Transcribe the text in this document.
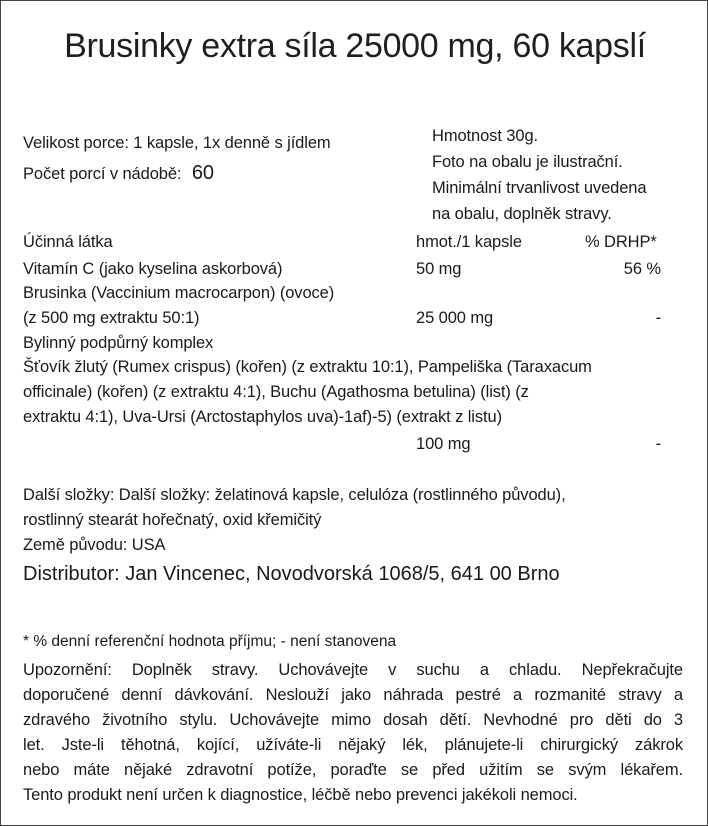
Brusinky extra síla 25000 mg, 60 kapslí
Velikost porce: 1 kapsle, 1x denně s jídlem
Počet porcí v nádobě: 60
Hmotnost 30g.
Foto na obalu je ilustrační.
Minimální trvanlivost uvedena
na obalu, doplněk stravy.
Účinná látka	hmot./1 kapsle	% DRHP*
Vitamín C (jako kyselina askorbová)	50 mg	56 %
Brusinka (Vaccinium macrocarpon) (ovoce)
(z 500 mg extraktu 50:1)	25 000 mg	-
Bylinný podpůrný komplex
Šťovík žlutý (Rumex crispus) (kořen) (z extraktu 10:1), Pampeliška (Taraxacum
officinale) (kořen) (z extraktu 4:1), Buchu (Agathosma betulina) (list) (z
extraktu 4:1), Uva-Ursi (Arctostaphylos uva)-1af)-5) (extrakt z listu)
100 mg	-
Další složky: Další složky: želatinová kapsle, celulóza (rostlinného původu),
rostlinný stearát hořečnatý, oxid křemičitý
Země původu: USA
Distributor: Jan Vincenec, Novodvorská 1068/5, 641 00 Brno
* % denní referenční hodnota příjmu; - není stanovena
Upozornění: Doplněk stravy. Uchovávejte v suchu a chladu. Nepřekračujte
doporučené denní dávkování. Neslouží jako náhrada pestré a rozmanité stravy a
zdravého životního stylu. Uchovávejte mimo dosah dětí. Nevhodné pro děti do 3
let. Jste-li těhotná, kojící, užíváte-li nějaký lék, plánujete-li chirurgický zákrok
nebo máte nějaké zdravotní potíže, poraďte se před užitím se svým lékařem.
Tento produkt není určen k diagnostice, léčbě nebo prevenci jakékoli nemoci.
